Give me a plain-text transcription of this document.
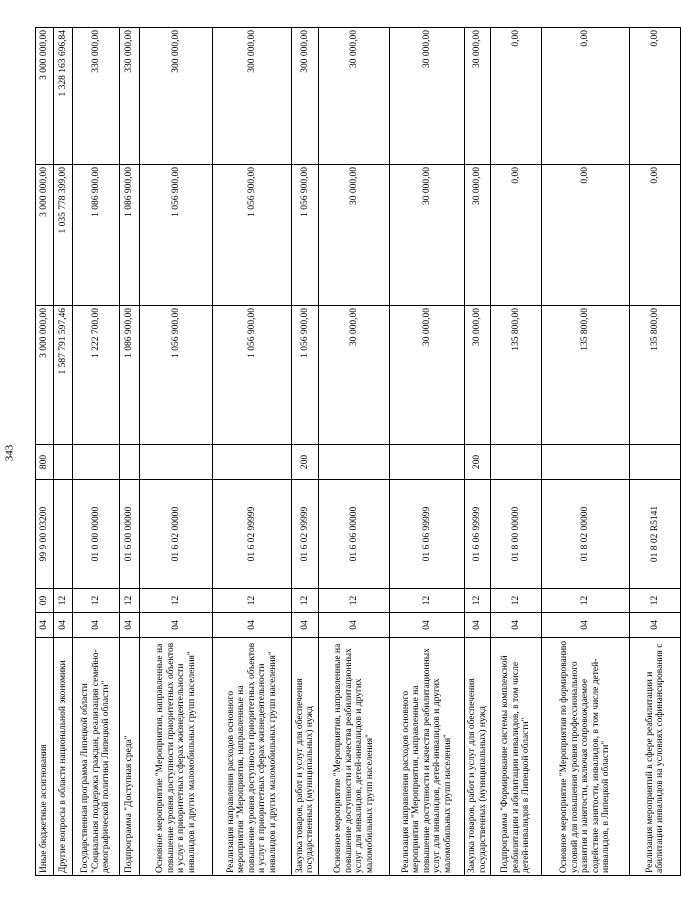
343
Иные бюджетные ассигнования	04	09	99 9 00 03200	800	3 000 000,00	3 000 000,00	3 000 000,00
Другие вопросы в области национальной экономики	04	12			1 587 791 597,46	1 035 778 399,00	1 328 163 696,84
Государственная программа Липецкой области "Социальная поддержка граждан, реализация семейно-демографической политики Липецкой области"	04	12	01 0 00 00000		1 222 700,00	1 086 900,00	330 000,00
Подпрограмма "Доступная среда"	04	12	01 6 00 00000		1 086 900,00	1 086 900,00	330 000,00
Основное мероприятие "Мероприятия, направленные на повышение уровня доступности приоритетных объектов и услуг в приоритетных сферах жизнедеятельности инвалидов и других маломобильных групп населения"	04	12	01 6 02 00000		1 056 900,00	1 056 900,00	300 000,00
Реализация направления расходов основного мероприятия "Мероприятия, направленные на повышение уровня доступности приоритетных объектов и услуг в приоритетных сферах жизнедеятельности инвалидов и других маломобильных групп населения"	04	12	01 6 02 99999		1 056 900,00	1 056 900,00	300 000,00
Закупка товаров, работ и услуг для обеспечения государственных (муниципальных) нужд	04	12	01 6 02 99999	200	1 056 900,00	1 056 900,00	300 000,00
Основное мероприятие "Мероприятия, направленные на повышение доступности и качества реабилитационных услуг для инвалидов, детей-инвалидов и других маломобильных групп населения"	04	12	01 6 06 00000		30 000,00	30 000,00	30 000,00
Реализация направления расходов основного мероприятия "Мероприятия, направленные на повышение доступности и качества реабилитационных услуг для инвалидов, детей-инвалидов и других маломобильных групп населения"	04	12	01 6 06 99999		30 000,00	30 000,00	30 000,00
Закупка товаров, работ и услуг для обеспечения государственных (муниципальных) нужд	04	12	01 6 06 99999	200	30 000,00	30 000,00	30 000,00
Подпрограмма "Формирование системы комплексной реабилитации и абилитации инвалидов, в том числе детей-инвалидов в Липецкой области"	04	12	01 8 00 00000		135 800,00	0,00	0,00
Основное мероприятие "Мероприятия по формированию условий для повышения уровня профессионального развития и занятости, включая сопровождаемое содействие занятости, инвалидов, в том числе детей-инвалидов, в Липецкой области"	04	12	01 8 02 00000		135 800,00	0,00	0,00
Реализация мероприятий в сфере реабилитации и абилитации инвалидов на условиях софинансирования с	04	12	01 8 02 R5141		135 800,00	0,00	0,00
